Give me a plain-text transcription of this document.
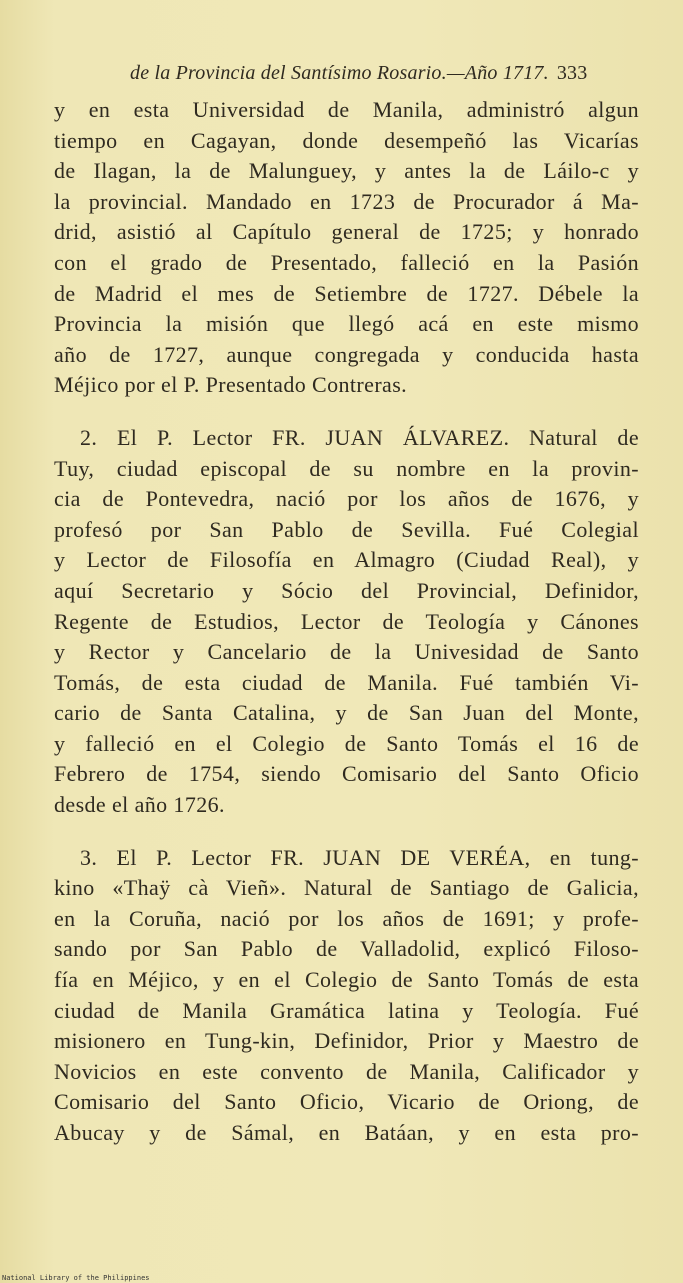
de la Provincia del Santísimo Rosario.—Año 1717. 333
y en esta Universidad de Manila, administró algun
tiempo en Cagayan, donde desempeñó las Vicarías
de Ilagan, la de Malunguey, y antes la de Láilo-c y
la provincial. Mandado en 1723 de Procurador á Ma-
drid, asistió al Capítulo general de 1725; y honrado
con el grado de Presentado, falleció en la Pasión
de Madrid el mes de Setiembre de 1727. Débele la
Provincia la misión que llegó acá en este mismo
año de 1727, aunque congregada y conducida hasta
Méjico por el P. Presentado Contreras.
2. El P. Lector FR. JUAN ÁLVAREZ. Natural de
Tuy, ciudad episcopal de su nombre en la provin-
cia de Pontevedra, nació por los años de 1676, y
profesó por San Pablo de Sevilla. Fué Colegial
y Lector de Filosofía en Almagro (Ciudad Real), y
aquí Secretario y Sócio del Provincial, Definidor,
Regente de Estudios, Lector de Teología y Cánones
y Rector y Cancelario de la Univesidad de Santo
Tomás, de esta ciudad de Manila. Fué también Vi-
cario de Santa Catalina, y de San Juan del Monte,
y falleció en el Colegio de Santo Tomás el 16 de
Febrero de 1754, siendo Comisario del Santo Oficio
desde el año 1726.
3. El P. Lector FR. JUAN DE VERÉA, en tung-
kino «Thaÿ cà Vieñ». Natural de Santiago de Galicia,
en la Coruña, nació por los años de 1691; y profe-
sando por San Pablo de Valladolid, explicó Filoso-
fía en Méjico, y en el Colegio de Santo Tomás de esta
ciudad de Manila Gramática latina y Teología. Fué
misionero en Tung-kin, Definidor, Prior y Maestro de
Novicios en este convento de Manila, Calificador y
Comisario del Santo Oficio, Vicario de Oriong, de
Abucay y de Sámal, en Batáan, y en esta pro-
National Library of the Philippines
